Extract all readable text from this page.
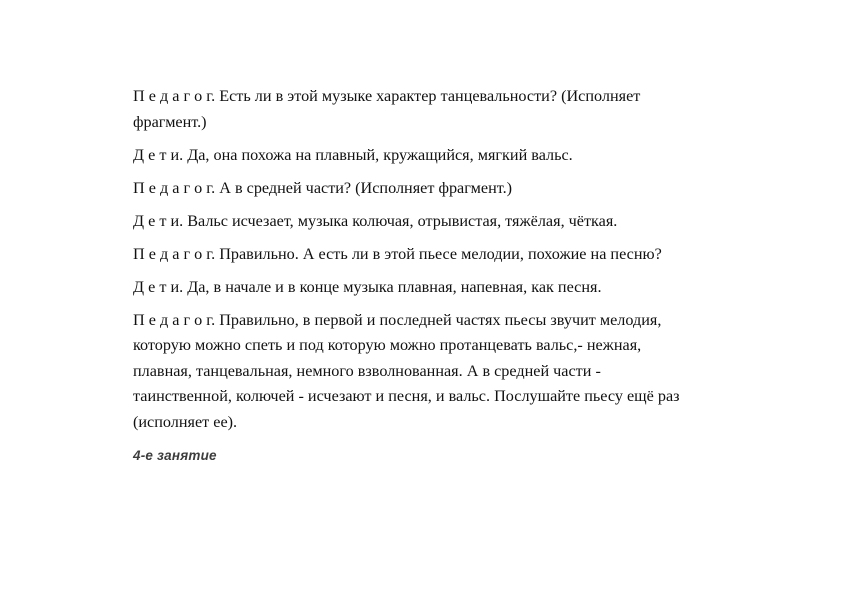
П е д а г о г. Есть ли в этой музыке характер танцевальности? (Исполняет
фрагмент.)

Д е т и. Да, она похожа на плавный, кружащийся, мягкий вальс.

П е д а г о г. А в средней части? (Исполняет фрагмент.)

Д е т и. Вальс исчезает, музыка колючая, отрывистая, тяжёлая, чёткая.

П е д а г о г. Правильно. А есть ли в этой пьесе мелодии, похожие на песню?

Д е т и. Да, в начале и в конце музыка плавная, напевная, как песня.

П е д а г о г. Правильно, в первой и последней частях пьесы звучит мелодия,
которую можно спеть и под которую можно протанцевать вальс,- нежная,
плавная, танцевальная, немного взволнованная. А в средней части -
таинственной, колючей - исчезают и песня, и вальс. Послушайте пьесу ещё раз
(исполняет ее).

4-е занятие
